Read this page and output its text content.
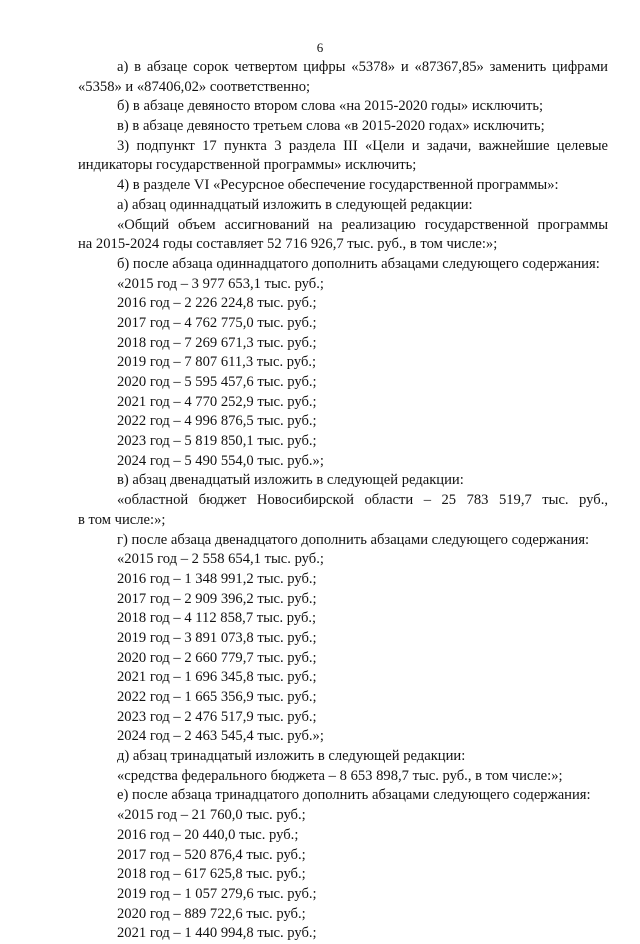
6
а) в абзаце сорок четвертом цифры «5378» и «87367,85» заменить цифрами
«5358» и «87406,02» соответственно;
б) в абзаце девяносто втором слова «на 2015-2020 годы» исключить;
в) в абзаце девяносто третьем слова «в 2015-2020 годах» исключить;
3) подпункт 17 пункта 3 раздела III «Цели и задачи, важнейшие целевые
индикаторы государственной программы» исключить;
4) в разделе VI «Ресурсное обеспечение государственной программы»:
а) абзац одиннадцатый изложить в следующей редакции:
«Общий объем ассигнований на реализацию государственной программы
на 2015-2024 годы составляет 52 716 926,7 тыс. руб., в том числе:»;
б) после абзаца одиннадцатого дополнить абзацами следующего содержания:
«2015 год – 3 977 653,1 тыс. руб.;
2016 год – 2 226 224,8 тыс. руб.;
2017 год – 4 762 775,0 тыс. руб.;
2018 год – 7 269 671,3 тыс. руб.;
2019 год – 7 807 611,3 тыс. руб.;
2020 год – 5 595 457,6 тыс. руб.;
2021 год – 4 770 252,9 тыс. руб.;
2022 год – 4 996 876,5 тыс. руб.;
2023 год – 5 819 850,1 тыс. руб.;
2024 год – 5 490 554,0 тыс. руб.»;
в) абзац двенадцатый изложить в следующей редакции:
«областной бюджет Новосибирской области – 25 783 519,7 тыс. руб.,
в том числе:»;
г) после абзаца двенадцатого дополнить абзацами следующего содержания:
«2015 год – 2 558 654,1 тыс. руб.;
2016 год – 1 348 991,2 тыс. руб.;
2017 год – 2 909 396,2 тыс. руб.;
2018 год – 4 112 858,7 тыс. руб.;
2019 год – 3 891 073,8 тыс. руб.;
2020 год – 2 660 779,7 тыс. руб.;
2021 год – 1 696 345,8 тыс. руб.;
2022 год – 1 665 356,9 тыс. руб.;
2023 год – 2 476 517,9 тыс. руб.;
2024 год – 2 463 545,4 тыс. руб.»;
д) абзац тринадцатый изложить в следующей редакции:
«средства федерального бюджета – 8 653 898,7 тыс. руб., в том числе:»;
е) после абзаца тринадцатого дополнить абзацами следующего содержания:
«2015 год – 21 760,0 тыс. руб.;
2016 год – 20 440,0 тыс. руб.;
2017 год – 520 876,4 тыс. руб.;
2018 год – 617 625,8 тыс. руб.;
2019 год – 1 057 279,6 тыс. руб.;
2020 год – 889 722,6 тыс. руб.;
2021 год – 1 440 994,8 тыс. руб.;
